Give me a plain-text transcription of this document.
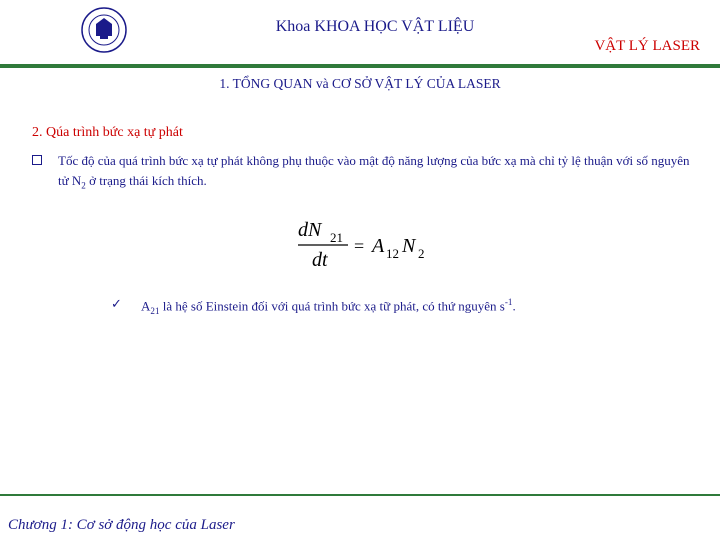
Khoa KHOA HỌC VẬT LIỆU
VẬT LÝ LASER
1. TỔNG QUAN và CƠ SỞ VẬT LÝ CỦA LASER
2. Qúa trình bức xạ tự phát
Tốc độ của quá trình bức xạ tự phát không phụ thuộc vào mật độ năng lượng của bức xạ mà chỉ tỷ lệ thuận với số nguyên tử $N_2$ ở trạng thái kích thích.
dN 21
dt
= A 12 N 2
✓ $A_{21}$ là hệ số Einstein đối với quá trình bức xạ tữ phát, có thứ nguyên $s^{-1}$.
Chương 1: Cơ sở động học của Laser
